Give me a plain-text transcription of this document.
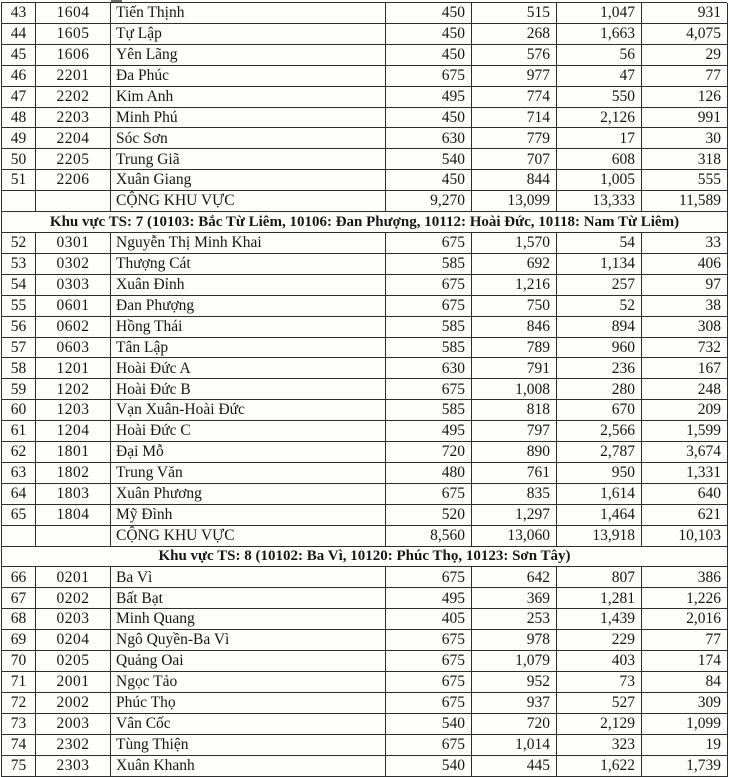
43	1604	Tiến Thịnh	450	515	1,047	931
44	1605	Tự Lập	450	268	1,663	4,075
45	1606	Yên Lãng	450	576	56	29
46	2201	Đa Phúc	675	977	47	77
47	2202	Kim Anh	495	774	550	126
48	2203	Minh Phú	450	714	2,126	991
49	2204	Sóc Sơn	630	779	17	30
50	2205	Trung Giã	540	707	608	318
51	2206	Xuân Giang	450	844	1,005	555
CỘNG KHU VỰC	9,270	13,099	13,333	11,589
Khu vực TS: 7 (10103: Bắc Từ Liêm, 10106: Đan Phượng, 10112: Hoài Đức, 10118: Nam Từ Liêm)
52	0301	Nguyễn Thị Minh Khai	675	1,570	54	33
53	0302	Thượng Cát	585	692	1,134	406
54	0303	Xuân Đỉnh	675	1,216	257	97
55	0601	Đan Phượng	675	750	52	38
56	0602	Hồng Thái	585	846	894	308
57	0603	Tân Lập	585	789	960	732
58	1201	Hoài Đức A	630	791	236	167
59	1202	Hoài Đức B	675	1,008	280	248
60	1203	Vạn Xuân-Hoài Đức	585	818	670	209
61	1204	Hoài Đức C	495	797	2,566	1,599
62	1801	Đại Mỗ	720	890	2,787	3,674
63	1802	Trung Văn	480	761	950	1,331
64	1803	Xuân Phương	675	835	1,614	640
65	1804	Mỹ Đình	520	1,297	1,464	621
CỘNG KHU VỰC	8,560	13,060	13,918	10,103
Khu vực TS: 8 (10102: Ba Vì, 10120: Phúc Thọ, 10123: Sơn Tây)
66	0201	Ba Vì	675	642	807	386
67	0202	Bất Bạt	495	369	1,281	1,226
68	0203	Minh Quang	405	253	1,439	2,016
69	0204	Ngô Quyền-Ba Vì	675	978	229	77
70	0205	Quảng Oai	675	1,079	403	174
71	2001	Ngọc Tảo	675	952	73	84
72	2002	Phúc Thọ	675	937	527	309
73	2003	Vân Cốc	540	720	2,129	1,099
74	2302	Tùng Thiện	675	1,014	323	19
75	2303	Xuân Khanh	540	445	1,622	1,739
